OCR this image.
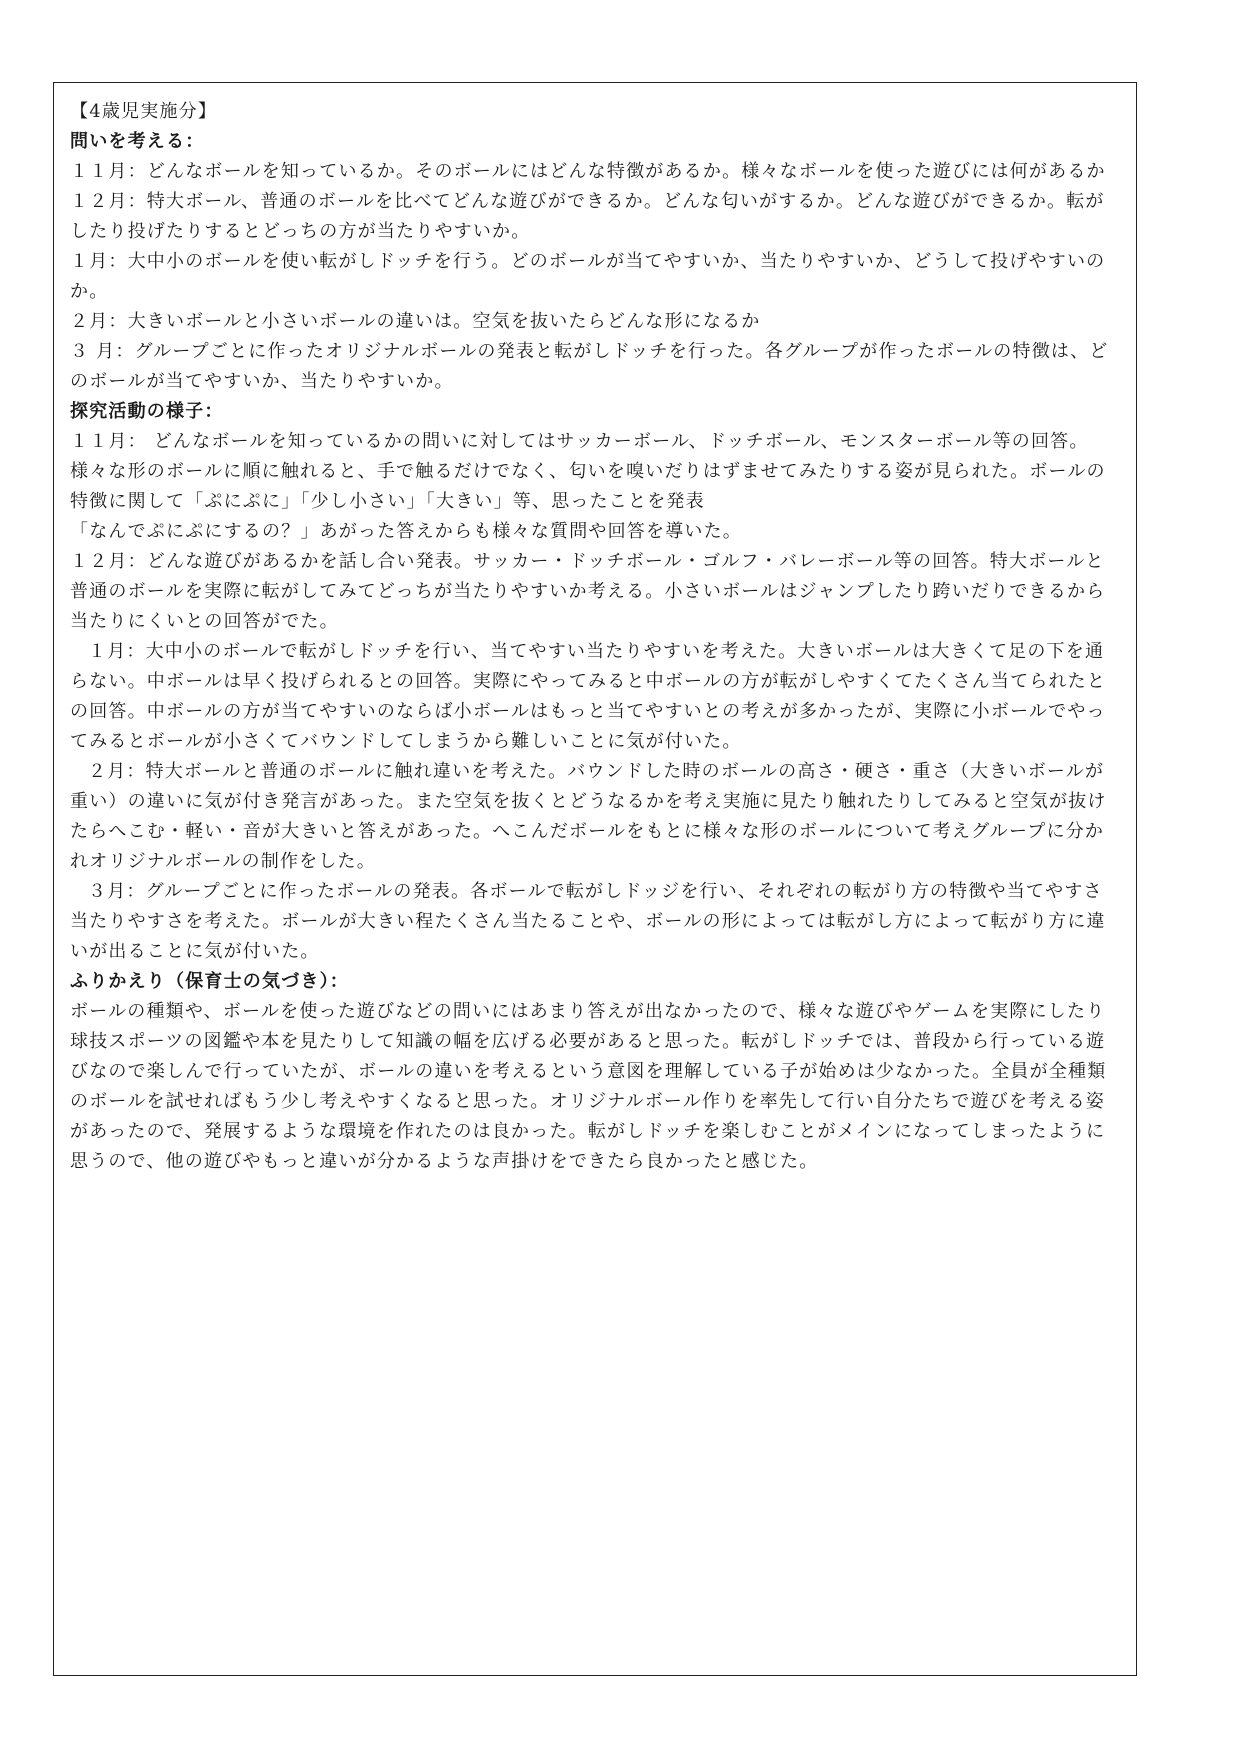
【4歳児実施分】

問いを考える：

１１月：どんなボールを知っているか。そのボールにはどんな特徴があるか。様々なボールを使った遊びには何があるか

１２月：特大ボール、普通のボールを比べてどんな遊びができるか。どんな匂いがするか。どんな遊びができるか。転がしたり投げたりするとどっちの方が当たりやすいか。

１月：大中小のボールを使い転がしドッチを行う。どのボールが当てやすいか、当たりやすいか、どうして投げやすいのか。

２月：大きいボールと小さいボールの違いは。空気を抜いたらどんな形になるか

３ 月：グループごとに作ったオリジナルボールの発表と転がしドッチを行った。各グループが作ったボールの特徴は、どのボールが当てやすいか、当たりやすいか。

探究活動の様子：

１１月： どんなボールを知っているかの問いに対してはサッカーボール、ドッチボール、モンスターボール等の回答。様々な形のボールに順に触れると、手で触るだけでなく、匂いを嗅いだりはずませてみたりする姿が見られた。ボールの特徴に関して「ぷにぷに」「少し小さい」「大きい」等、思ったことを発表

「なんでぷにぷにするの？」あがった答えからも様々な質問や回答を導いた。

１２月：どんな遊びがあるかを話し合い発表。サッカー・ドッチボール・ゴルフ・バレーボール等の回答。特大ボールと普通のボールを実際に転がしてみてどっちが当たりやすいか考える。小さいボールはジャンプしたり跨いだりできるから当たりにくいとの回答がでた。

１月：大中小のボールで転がしドッチを行い、当てやすい当たりやすいを考えた。大きいボールは大きくて足の下を通らない。中ボールは早く投げられるとの回答。実際にやってみると中ボールの方が転がしやすくてたくさん当てられたとの回答。中ボールの方が当てやすいのならば小ボールはもっと当てやすいとの考えが多かったが、実際に小ボールでやってみるとボールが小さくてバウンドしてしまうから難しいことに気が付いた。

２月：特大ボールと普通のボールに触れ違いを考えた。バウンドした時のボールの高さ・硬さ・重さ（大きいボールが重い）の違いに気が付き発言があった。また空気を抜くとどうなるかを考え実施に見たり触れたりしてみると空気が抜けたらへこむ・軽い・音が大きいと答えがあった。へこんだボールをもとに様々な形のボールについて考えグループに分かれオリジナルボールの制作をした。

３月：グループごとに作ったボールの発表。各ボールで転がしドッジを行い、それぞれの転がり方の特徴や当てやすさ当たりやすさを考えた。ボールが大きい程たくさん当たることや、ボールの形によっては転がし方によって転がり方に違いが出ることに気が付いた。

ふりかえり（保育士の気づき）：

ボールの種類や、ボールを使った遊びなどの問いにはあまり答えが出なかったので、様々な遊びやゲームを実際にしたり球技スポーツの図鑑や本を見たりして知識の幅を広げる必要があると思った。転がしドッチでは、普段から行っている遊びなので楽しんで行っていたが、ボールの違いを考えるという意図を理解している子が始めは少なかった。全員が全種類のボールを試せればもう少し考えやすくなると思った。オリジナルボール作りを率先して行い自分たちで遊びを考える姿があったので、発展するような環境を作れたのは良かった。転がしドッチを楽しむことがメインになってしまったように思うので、他の遊びやもっと違いが分かるような声掛けをできたら良かったと感じた。
